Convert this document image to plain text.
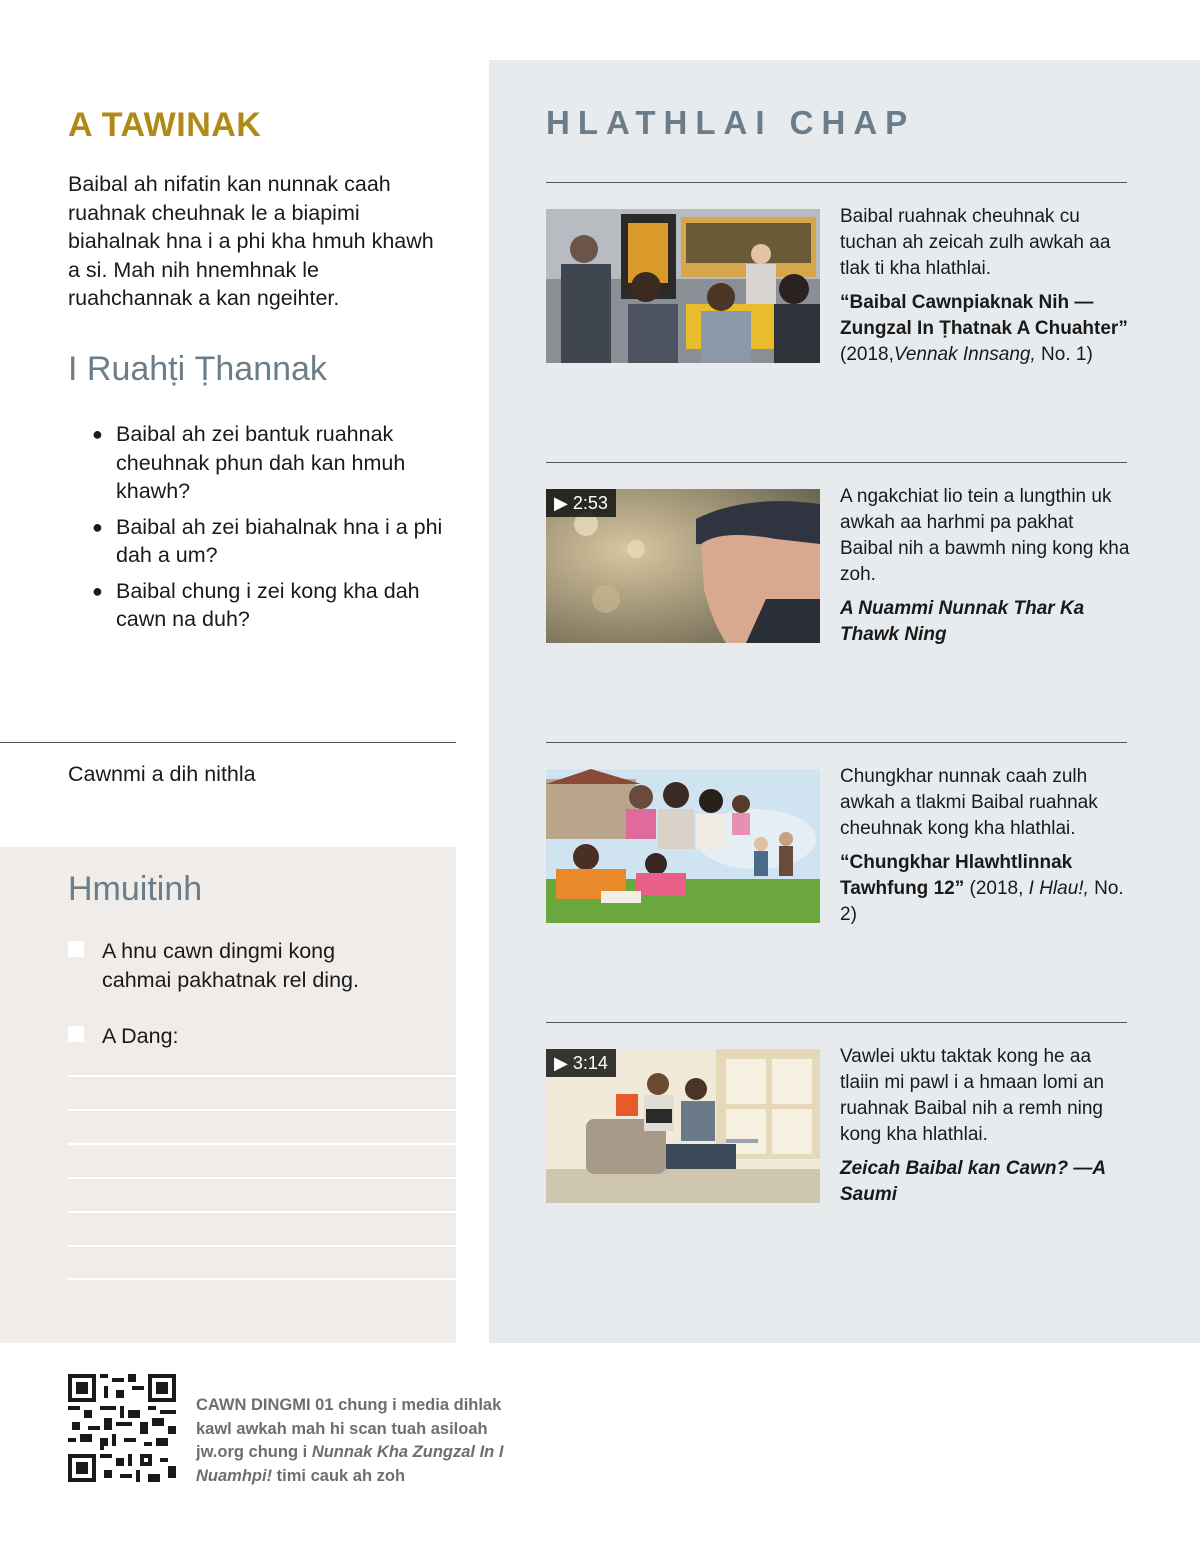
A TAWINAK

Baibal ah nifatin kan nunnak caah ruahnak cheuhnak le a biapimi biahalnak hna i a phi kha hmuh khawh a si. Mah nih hnemhnak le ruahchannak a kan ngeihter.

I Ruahṭi Ṭhannak
● Baibal ah zei bantuk ruahnak cheuhnak phun dah kan hmuh khawh?
● Baibal ah zei biahalnak hna i a phi dah a um?
● Baibal chung i zei kong kha dah cawn na duh?
Cawnmi a dih nithla
Hmuitinh
A hnu cawn dingmi kong cahmai pakhatnak rel ding.
A Dang:
HLATHLAI CHAP

Baibal ruahnak cheuhnak cu tuchan ah zeicah zulh awkah aa tlak ti kha hlathlai.

“Baibal Cawnpiaknak Nih —Zungzal In Ṭhatnak A Chuahter” (2018,Vennak Innsang, No. 1)

▶ 2:53	A ngakchiat lio tein a lungthin uk awkah aa harhmi pa pakhat Baibal nih a bawmh ning kong kha zoh.

A Nuammi Nunnak Thar Ka Thawk Ning

Chungkhar nunnak caah zulh awkah a tlakmi Baibal ruahnak cheuhnak kong kha hlathlai.

“Chungkhar Hlawhtlinnak Tawhfung 12” (2018, I Hlau!, No. 2)

▶ 3:14	Vawlei uktu taktak kong he aa tlaiin mi pawl i a hmaan lomi an ruahnak Baibal nih a remh ning kong kha hlathlai.

Zeicah Baibal kan Cawn? —A Saumi

CAWN DINGMI 01 chung i media dihlak kawl awkah mah hi scan tuah asiloah jw.org chung i Nunnak Kha Zungzal In I Nuamhpi! timi cauk ah zoh
